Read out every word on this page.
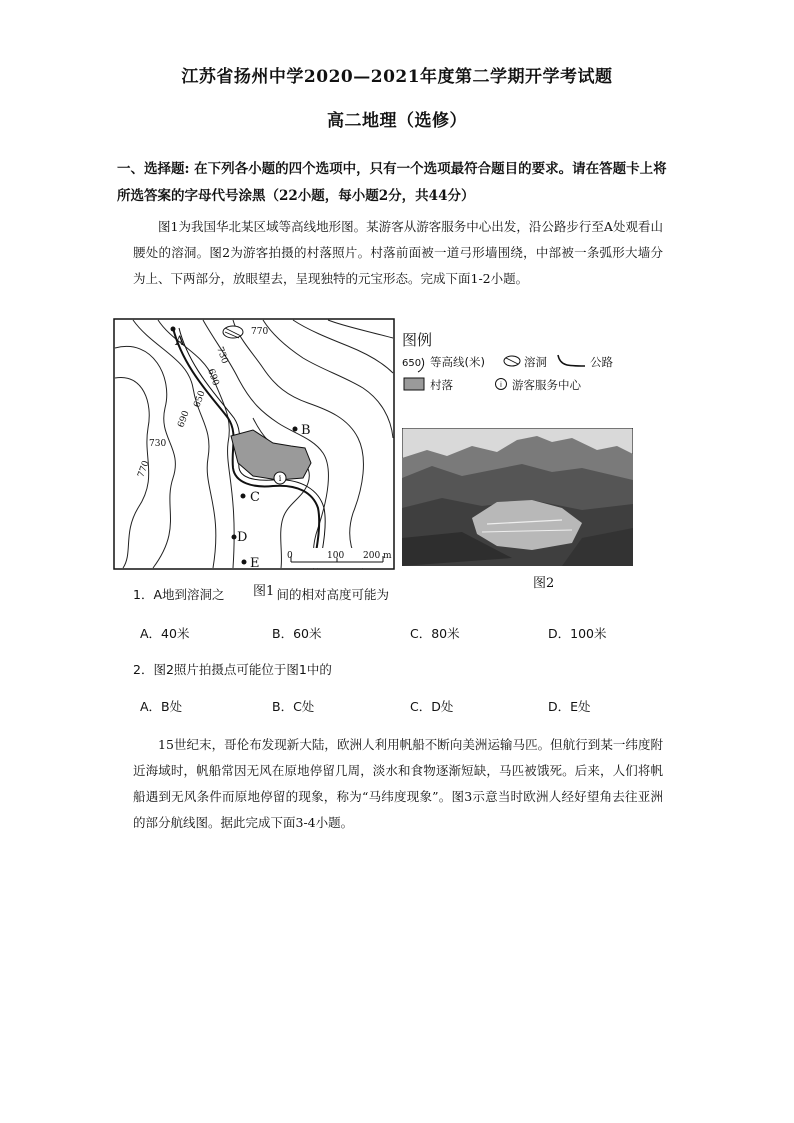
江苏省扬州中学2020—2021年度第二学期开学考试题
高二地理（选修）
一、选择题: 在下列各小题的四个选项中，只有一个选项最符合题目的要求。请在答题卡上将所选答案的字母代号涂黑（22小题，每小题2分，共44分）
图1为我国华北某区域等高线地形图。某游客从游客服务中心出发，沿公路步行至A处观看山腰处的溶洞。图2为游客拍摄的村落照片。村落前面被一道弓形墙围绕，中部被一条弧形大墙分为上、下两部分，放眼望去，呈现独特的元宝形态。完成下面1-2小题。
i
A
B
C
D
E
770
730
690
650
690
730
770
0	100 200 m
图1
图例
650 等高线(米)	溶洞	公路
村落	i 游客服务中心
图2
1．A地到溶洞之	间的相对高度可能为
A．40米	B．60米	C．80米	D．100米
2．图2照片拍摄点可能位于图1中的
A．B处	B．C处	C．D处	D．E处
15世纪末，哥伦布发现新大陆，欧洲人利用帆船不断向美洲运输马匹。但航行到某一纬度附近海域时，帆船常因无风在原地停留几周，淡水和食物逐渐短缺，马匹被饿死。后来，人们将帆船遇到无风条件而原地停留的现象，称为“马纬度现象”。图3示意当时欧洲人经好望角去往亚洲的部分航线图。据此完成下面3-4小题。
